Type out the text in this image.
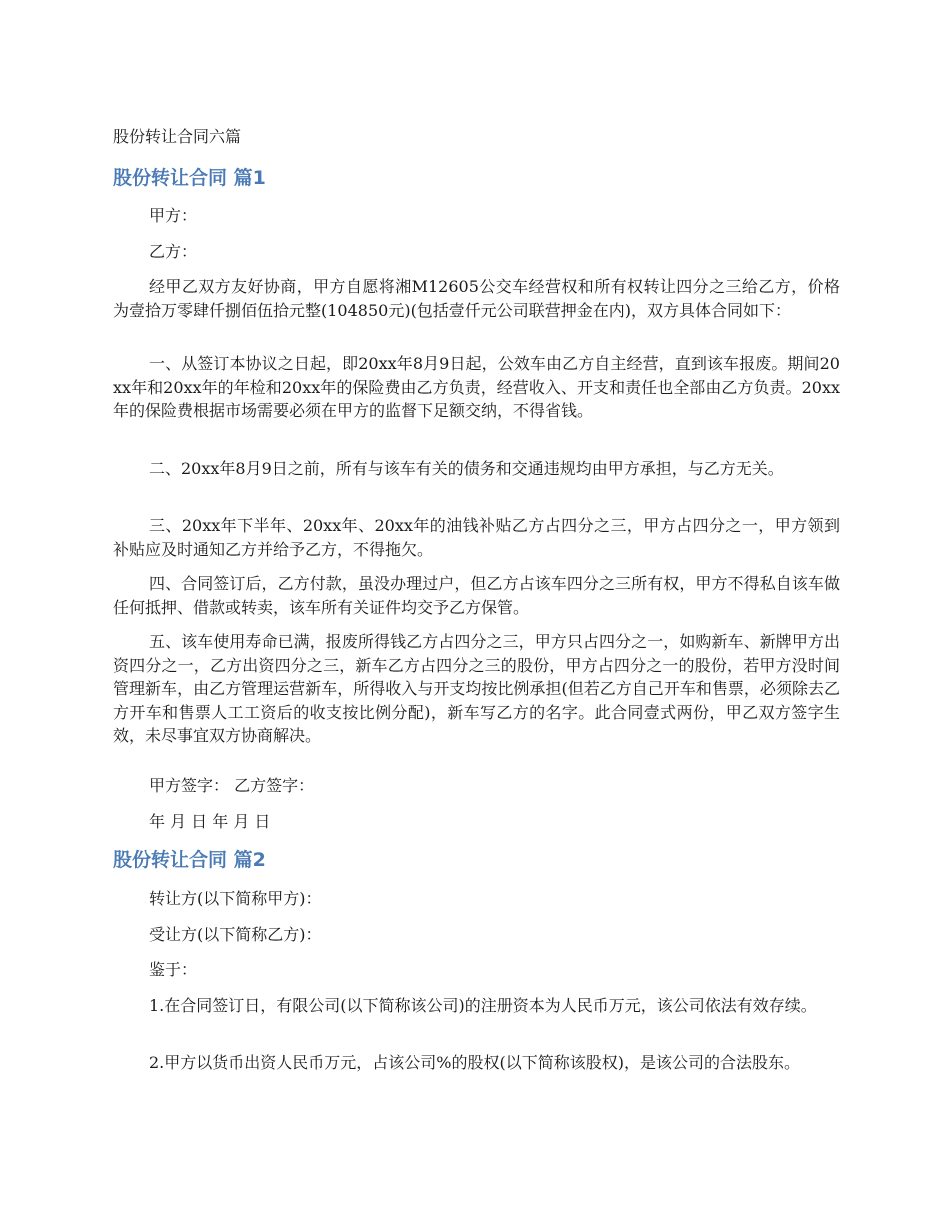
股份转让合同六篇

股份转让合同 篇1

甲方：

乙方：

经甲乙双方友好协商，甲方自愿将湘M12605公交车经营权和所有权转让四分之三给乙方，价格为壹拾万零肆仟捌佰伍拾元整(104850元)(包括壹仟元公司联营押金在内)，双方具体合同如下：

一、从签订本协议之日起，即20xx年8月9日起，公效车由乙方自主经营，直到该车报废。期间20xx年和20xx年的年检和20xx年的保险费由乙方负责，经营收入、开支和责任也全部由乙方负责。20xx年的保险费根据市场需要必须在甲方的监督下足额交纳，不得省钱。

二、20xx年8月9日之前，所有与该车有关的债务和交通违规均由甲方承担，与乙方无关。

三、20xx年下半年、20xx年、20xx年的油钱补贴乙方占四分之三，甲方占四分之一，甲方领到补贴应及时通知乙方并给予乙方，不得拖欠。

四、合同签订后，乙方付款，虽没办理过户，但乙方占该车四分之三所有权，甲方不得私自该车做任何抵押、借款或转卖，该车所有关证件均交予乙方保管。

五、该车使用寿命已满，报废所得钱乙方占四分之三，甲方只占四分之一，如购新车、新牌甲方出资四分之一，乙方出资四分之三，新车乙方占四分之三的股份，甲方占四分之一的股份，若甲方没时间管理新车，由乙方管理运营新车，所得收入与开支均按比例承担(但若乙方自己开车和售票，必须除去乙方开车和售票人工工资后的收支按比例分配)，新车写乙方的名字。此合同壹式两份，甲乙双方签字生效，未尽事宜双方协商解决。

甲方签字： 乙方签字：

年 月 日 年 月 日

股份转让合同 篇2

转让方(以下简称甲方)：

受让方(以下简称乙方)：

鉴于：

1.在合同签订日，有限公司(以下简称该公司)的注册资本为人民币万元，该公司依法有效存续。

2.甲方以货币出资人民币万元，占该公司%的股权(以下简称该股权)，是该公司的合法股东。
